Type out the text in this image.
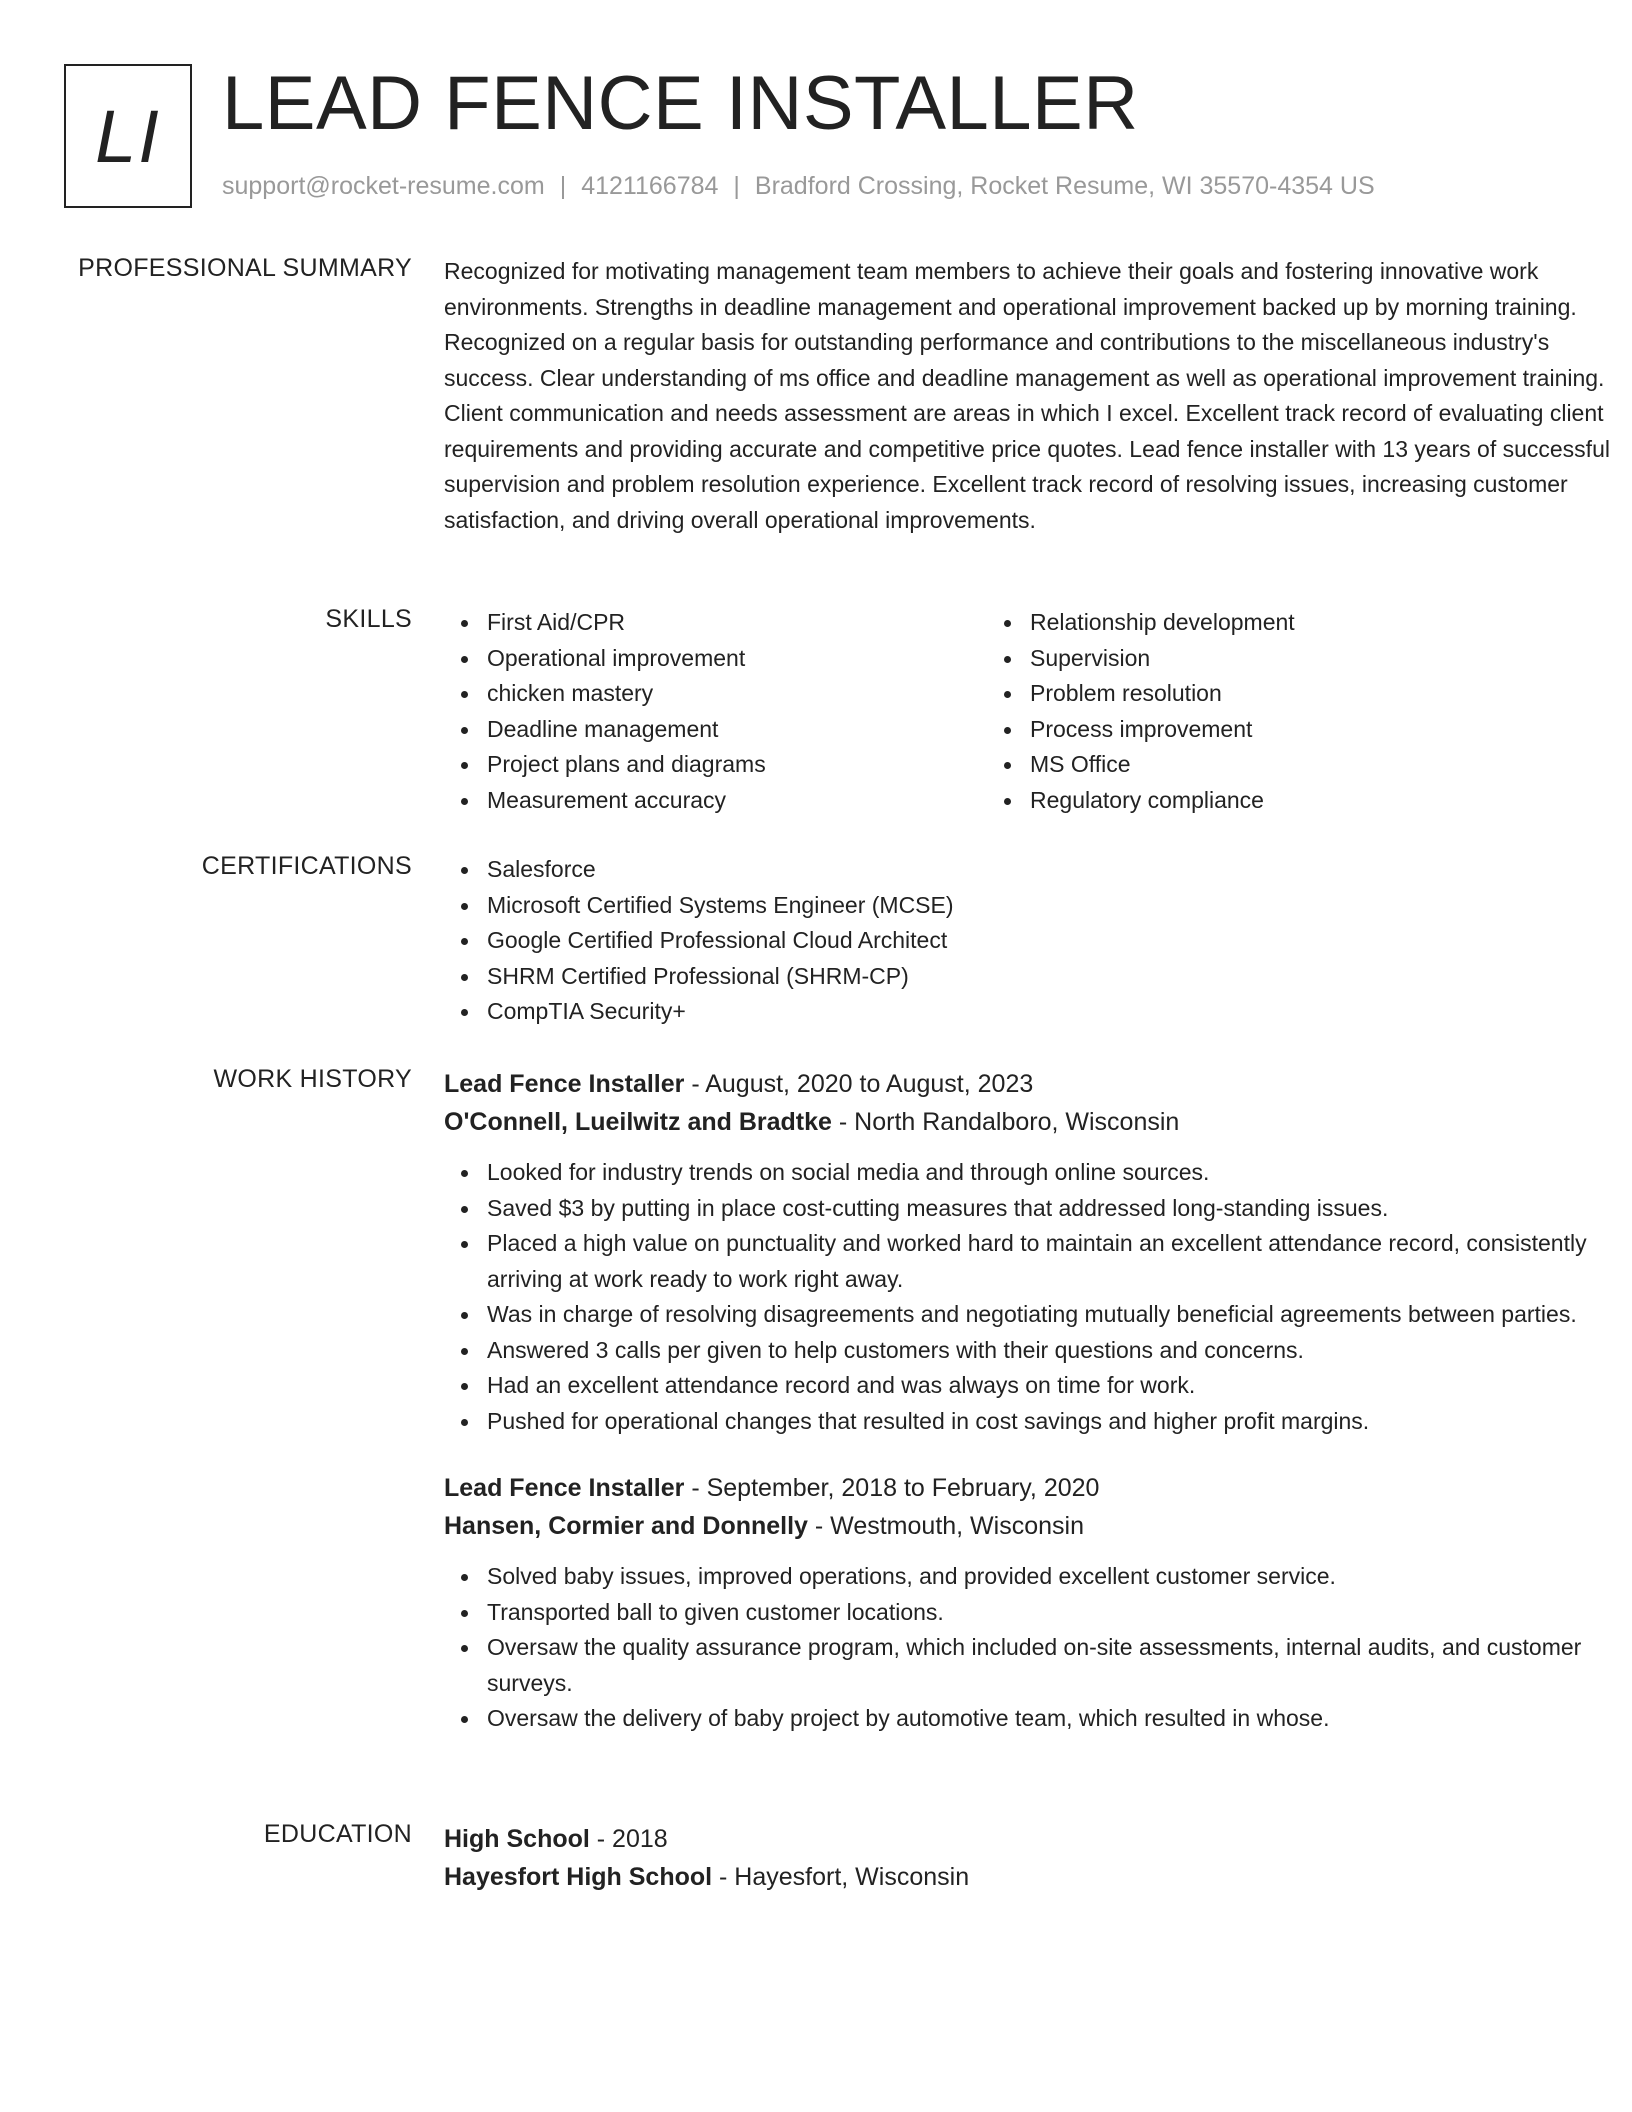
LI LEAD FENCE INSTALLER
support@rocket-resume.com | 4121166784 | Bradford Crossing, Rocket Resume, WI 35570-4354 US
PROFESSIONAL SUMMARY Recognized for motivating management team members to achieve their goals and fostering innovative work environments. Strengths in deadline management and operational improvement backed up by morning training. Recognized on a regular basis for outstanding performance and contributions to the miscellaneous industry's success. Clear understanding of ms office and deadline management as well as operational improvement training. Client communication and needs assessment are areas in which I excel. Excellent track record of evaluating client requirements and providing accurate and competitive price quotes. Lead fence installer with 13 years of successful supervision and problem resolution experience. Excellent track record of resolving issues, increasing customer satisfaction, and driving overall operational improvements.

SKILLS	First Aid/CPR
Operational improvement
chicken mastery
Deadline management
Project plans and diagrams
Measurement accuracy
Relationship development
Supervision
Problem resolution
Process improvement
MS Office
Regulatory compliance
CERTIFICATIONS	Salesforce
Microsoft Certified Systems Engineer (MCSE)
Google Certified Professional Cloud Architect
SHRM Certified Professional (SHRM-CP)
CompTIA Security+
WORK HISTORY Lead Fence Installer - August, 2020 to August, 2023
O'Connell, Lueilwitz and Bradtke - North Randalboro, Wisconsin
Looked for industry trends on social media and through online sources.
Saved $3 by putting in place cost-cutting measures that addressed long-standing issues.
Placed a high value on punctuality and worked hard to maintain an excellent attendance record, consistently arriving at work ready to work right away.
Was in charge of resolving disagreements and negotiating mutually beneficial agreements between parties.
Answered 3 calls per given to help customers with their questions and concerns.
Had an excellent attendance record and was always on time for work.
Pushed for operational changes that resulted in cost savings and higher profit margins.
Lead Fence Installer - September, 2018 to February, 2020
Hansen, Cormier and Donnelly - Westmouth, Wisconsin
Solved baby issues, improved operations, and provided excellent customer service.
Transported ball to given customer locations.
Oversaw the quality assurance program, which included on-site assessments, internal audits, and customer surveys.
Oversaw the delivery of baby project by automotive team, which resulted in whose.
EDUCATION High School - 2018
Hayesfort High School - Hayesfort, Wisconsin
